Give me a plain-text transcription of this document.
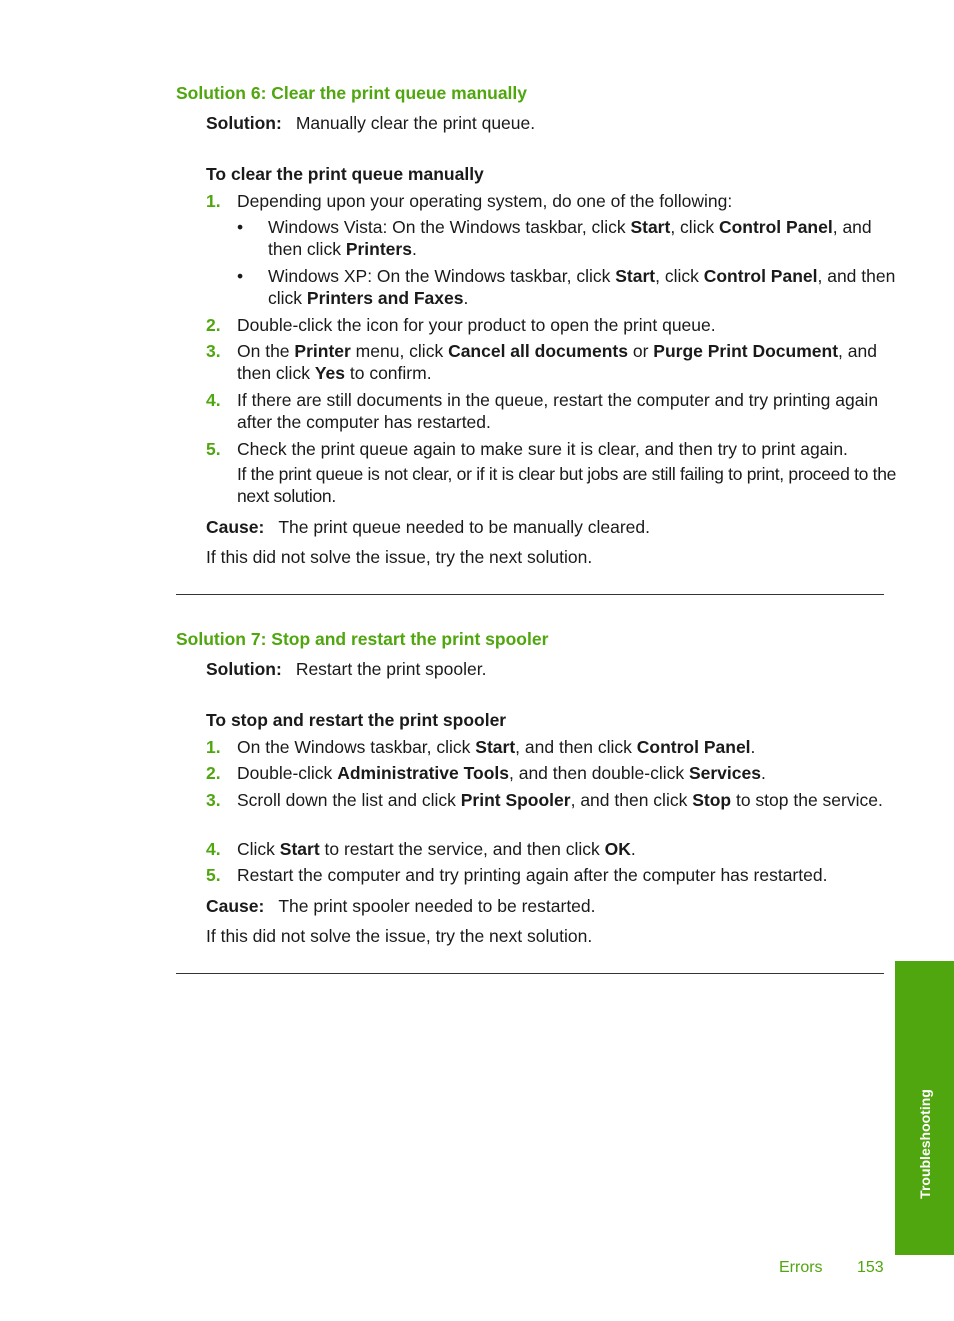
Solution 6: Clear the print queue manually
Solution: Manually clear the print queue.
To clear the print queue manually
1. Depending upon your operating system, do one of the following:
• Windows Vista: On the Windows taskbar, click Start, click Control Panel, and then click Printers.
• Windows XP: On the Windows taskbar, click Start, click Control Panel, and then click Printers and Faxes.
2. Double-click the icon for your product to open the print queue.
3. On the Printer menu, click Cancel all documents or Purge Print Document, and then click Yes to confirm.
4. If there are still documents in the queue, restart the computer and try printing again after the computer has restarted.
5. Check the print queue again to make sure it is clear, and then try to print again.
If the print queue is not clear, or if it is clear but jobs are still failing to print, proceed to the next solution.
Cause: The print queue needed to be manually cleared.
If this did not solve the issue, try the next solution.
Solution 7: Stop and restart the print spooler
Solution: Restart the print spooler.
To stop and restart the print spooler
1. On the Windows taskbar, click Start, and then click Control Panel.
2. Double-click Administrative Tools, and then double-click Services.
3. Scroll down the list and click Print Spooler, and then click Stop to stop the service.
4. Click Start to restart the service, and then click OK.
5. Restart the computer and try printing again after the computer has restarted.
Cause: The print spooler needed to be restarted.
If this did not solve the issue, try the next solution.
Troubleshooting
Errors 153
